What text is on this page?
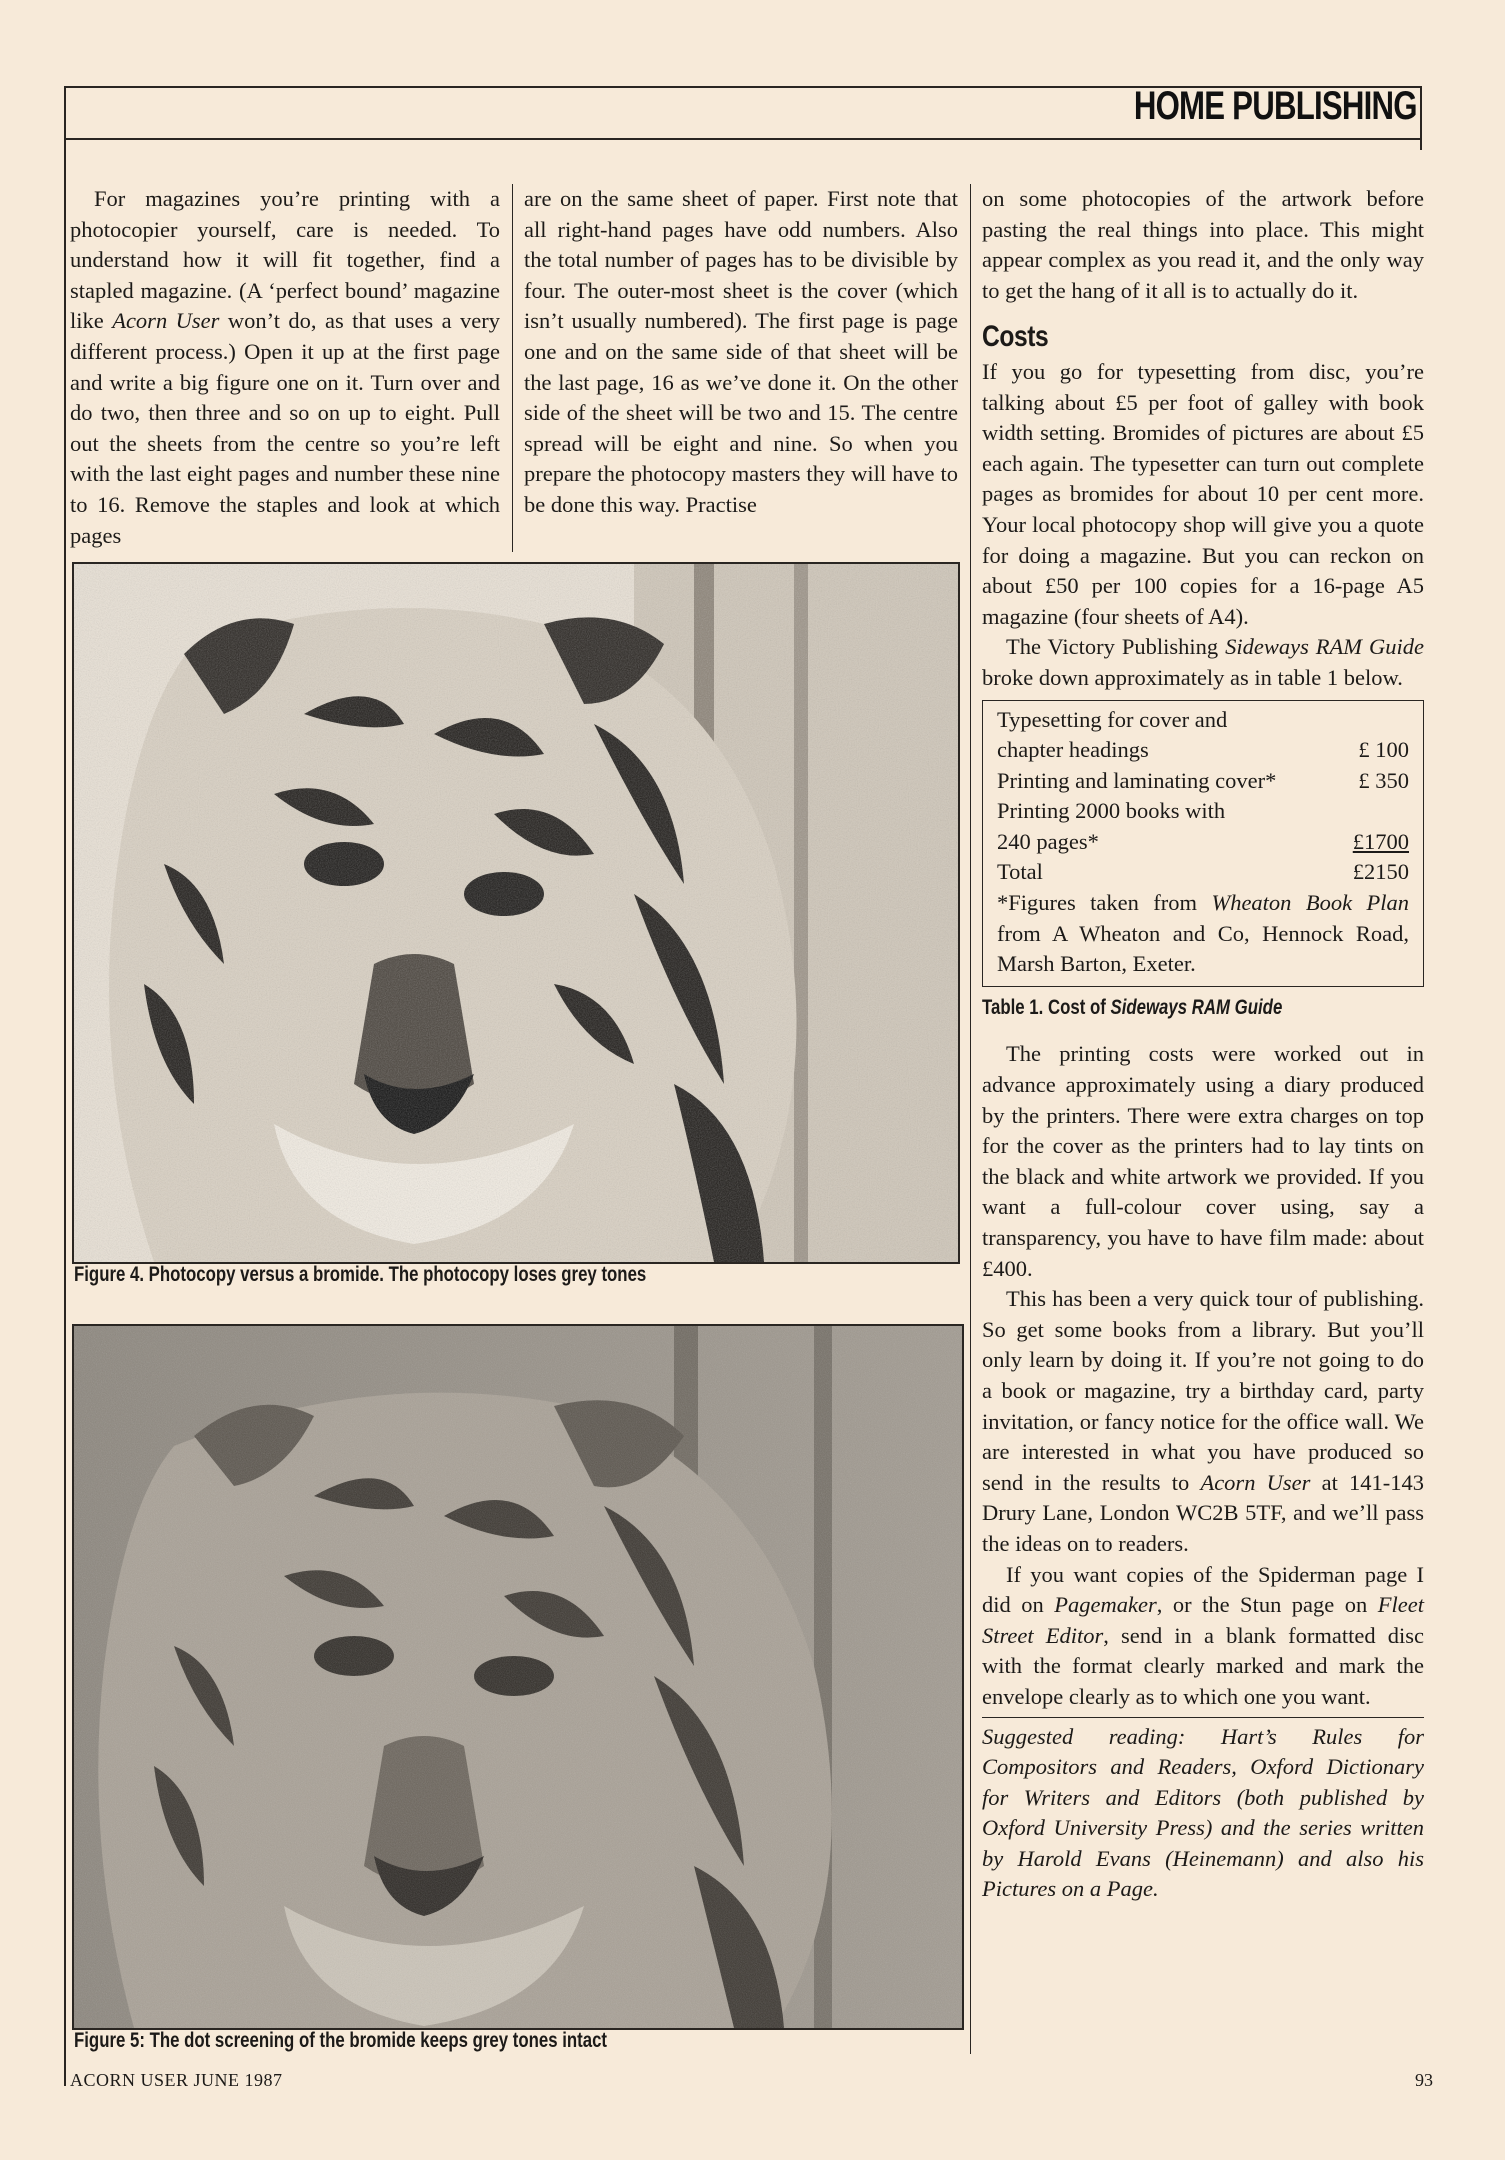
HOME PUBLISHING

For magazines you’re printing with a photocopier yourself, care is needed. To understand how it will fit together, find a stapled magazine. (A ‘perfect bound’ magazine like Acorn User won’t do, as that uses a very different process.) Open it up at the first page and write a big figure one on it. Turn over and do two, then three and so on up to eight. Pull out the sheets from the centre so you’re left with the last eight pages and number these nine to 16. Remove the staples and look at which pages

are on the same sheet of paper. First note that all right-hand pages have odd numbers. Also the total number of pages has to be divisible by four. The outer-most sheet is the cover (which isn’t usually numbered). The first page is page one and on the same side of that sheet will be the last page, 16 as we’ve done it. On the other side of the sheet will be two and 15. The centre spread will be eight and nine. So when you prepare the photocopy masters they will have to be done this way. Practise

on some photocopies of the artwork before pasting the real things into place. This might appear complex as you read it, and the only way to get the hang of it all is to actually do it.

Costs

If you go for typesetting from disc, you’re talking about £5 per foot of galley with book width setting. Bromides of pictures are about £5 each again. The typesetter can turn out complete pages as bromides for about 10 per cent more. Your local photocopy shop will give you a quote for doing a magazine. But you can reckon on about £50 per 100 copies for a 16-page A5 magazine (four sheets of A4).

The Victory Publishing Sideways RAM Guide broke down approximately as in table 1 below.

Typesetting for cover and
chapter headings	£ 100
Printing and laminating cover*	£ 350
Printing 2000 books with
240 pages*	£1700
Total	£2150
*Figures taken from Wheaton Book Plan from A Wheaton and Co, Hennock Road, Marsh Barton, Exeter.
Table 1. Cost of Sideways RAM Guide

The printing costs were worked out in advance approximately using a diary produced by the printers. There were extra charges on top for the cover as the printers had to lay tints on the black and white artwork we provided. If you want a full-colour cover using, say a transparency, you have to have film made: about £400.

This has been a very quick tour of publishing. So get some books from a library. But you’ll only learn by doing it. If you’re not going to do a book or magazine, try a birthday card, party invitation, or fancy notice for the office wall. We are interested in what you have produced so send in the results to Acorn User at 141-143 Drury Lane, London WC2B 5TF, and we’ll pass the ideas on to readers.

If you want copies of the Spiderman page I did on Pagemaker, or the Stun page on Fleet Street Editor, send in a blank formatted disc with the format clearly marked and mark the envelope clearly as to which one you want.

Suggested reading: Hart’s Rules for Compositors and Readers, Oxford Dictionary for Writers and Editors (both published by Oxford University Press) and the series written by Harold Evans (Heinemann) and also his Pictures on a Page.
Figure 4. Photocopy versus a bromide. The photocopy loses grey tones
Figure 5: The dot screening of the bromide keeps grey tones intact
ACORN USER JUNE 1987	93
